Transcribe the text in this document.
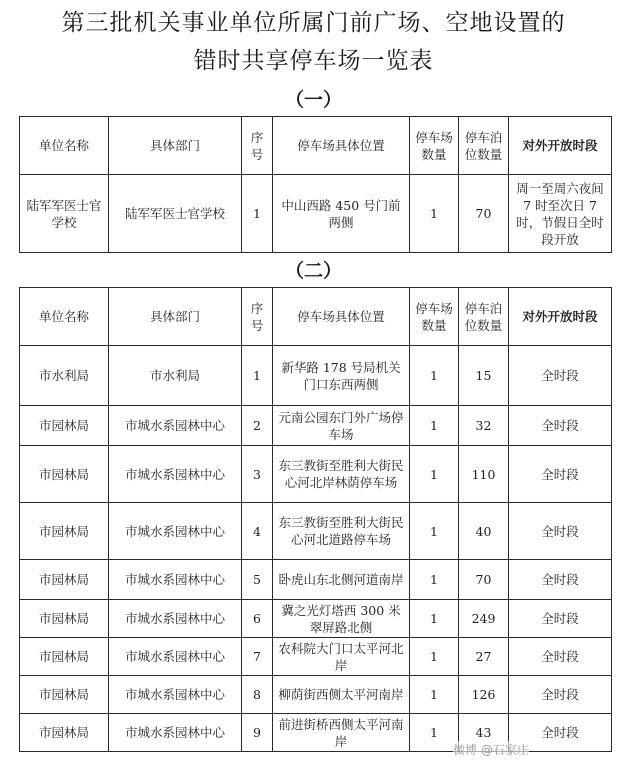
第三批机关事业单位所属门前广场、空地设置的
错时共享停车场一览表
（一）
单位名称	具体部门	序号	停车场具体位置	停车场数量	停车泊位数量	对外开放时段
陆军军医士官学校	陆军军医士官学校	1	中山西路 450 号门前两侧	1	70	周一至周六夜间 7 时至次日 7 时，节假日全时段开放
（二）
单位名称	具体部门	序号	停车场具体位置	停车场数量	停车泊位数量	对外开放时段
市水利局	市水利局	1	新华路 178 号局机关门口东西两侧	1	15	全时段
市园林局	市城水系园林中心	2	元南公园东门外广场停车场	1	32	全时段
市园林局	市城水系园林中心	3	东三教街至胜利大街民心河北岸林荫停车场	1	110	全时段
市园林局	市城水系园林中心	4	东三教街至胜利大街民心河北道路停车场	1	40	全时段
市园林局	市城水系园林中心	5	卧虎山东北侧河道南岸	1	70	全时段
市园林局	市城水系园林中心	6	冀之光灯塔西 300 米翠屏路北侧	1	249	全时段
市园林局	市城水系园林中心	7	农科院大门口太平河北岸	1	27	全时段
市园林局	市城水系园林中心	8	柳荫街西侧太平河南岸	1	126	全时段
市园林局	市城水系园林中心	9	前进街桥西侧太平河南岸	1	43	全时段
微博 @石家庄
